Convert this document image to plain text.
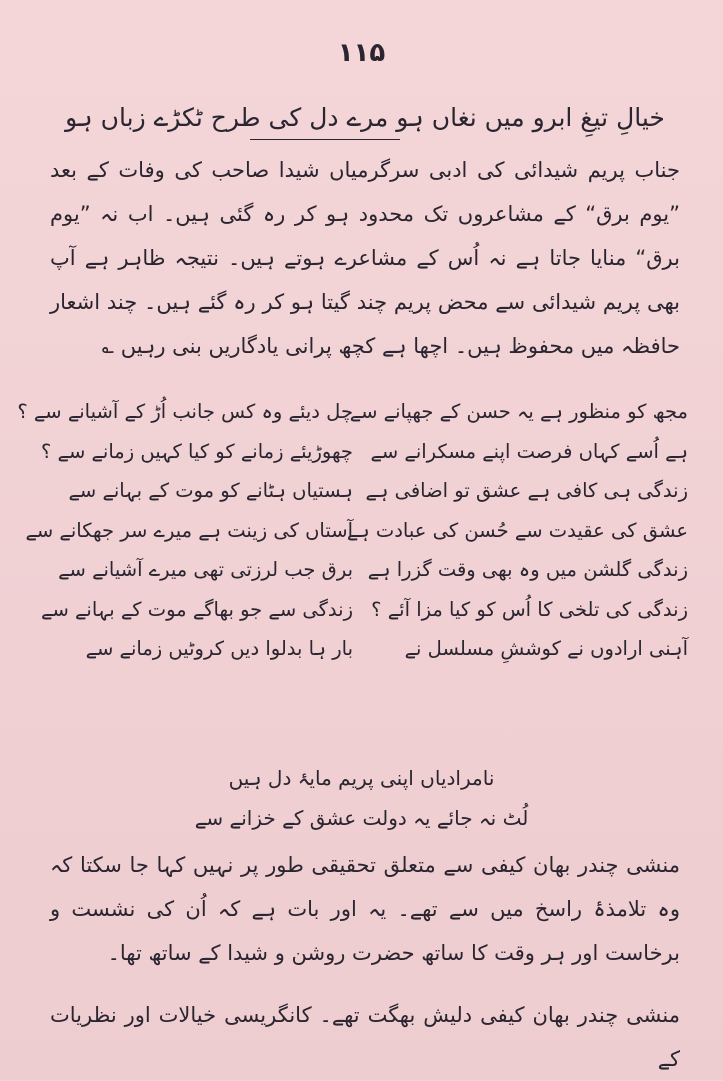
۱۱۵
خیالِ تیغِ ابرو میں نغاں ہو مرے دل کی طرح ٹکڑے زباں ہو
جناب پریم شیدائی کی ادبی سرگرمیاں شیدا صاحب کی وفات کے بعد ”یوم برق“ کے مشاعروں تک محدود ہو کر رہ گئی ہیں۔ اب نہ ”یوم برق“ منایا جاتا ہے نہ اُس کے مشاعرے ہوتے ہیں۔ نتیجہ ظاہر ہے آپ بھی پریم شیدائی سے محض پریم چند گیتا ہو کر رہ گئے ہیں۔ چند اشعار حافظہ میں محفوظ ہیں۔ اچھا ہے کچھ پرانی یادگاریں بنی رہیں ؎
مجھ کو منظور ہے یہ حسن کے جھپانے سے
چل دیئے وہ کس جانب اُڑ کے آشیانے سے ؟
ہے اُسے کہاں فرصت اپنے مسکرانے سے
چھوڑیئے زمانے کو کیا کہیں زمانے سے ؟
زندگی ہی کافی ہے عشق تو اضافی ہے
ہستیاں ہٹانے کو موت کے بہانے سے
عشق کی عقیدت سے حُسن کی عبادت ہے
آستاں کی زینت ہے میرے سر جھکانے سے
زندگی گلشن میں وہ بھی وقت گزرا ہے
برق جب لرزتی تھی میرے آشیانے سے
زندگی کی تلخی کا اُس کو کیا مزا آئے ؟
زندگی سے جو بھاگے موت کے بہانے سے
آہنی ارادوں نے کوششِ مسلسل نے
بار ہا بدلوا دیں کروٹیں زمانے سے
نامرادیاں اپنی پریم مایۂ دل ہیں
لُٹ نہ جائے یہ دولت عشق کے خزانے سے
منشی چندر بھان کیفی سے متعلق تحقیقی طور پر نہیں کہا جا سکتا کہ وہ تلامذۂ راسخ میں سے تھے۔ یہ اور بات ہے کہ اُن کی نشست و برخاست اور ہر وقت کا ساتھ حضرت روشن و شیدا کے ساتھ تھا۔
منشی چندر بھان کیفی دلیش بھگت تھے۔ کانگریسی خیالات اور نظریات کے
